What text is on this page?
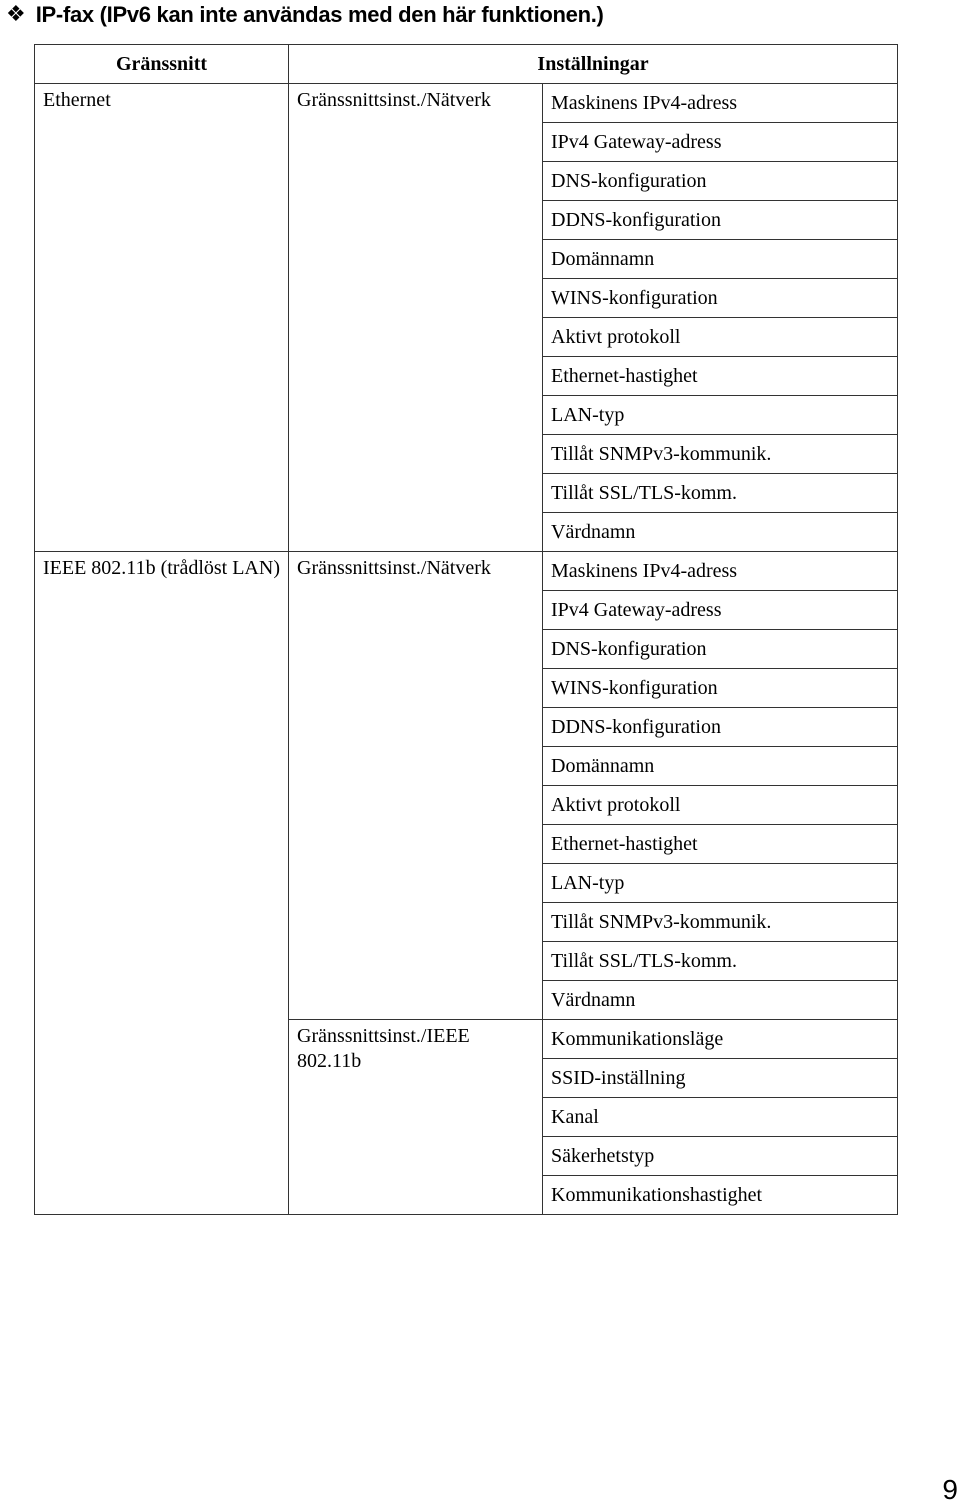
❖ IP-fax (IPv6 kan inte användas med den här funktionen.)
Gränssnitt	Inställningar	
Ethernet	Gränssnittsinst./Nätverk	Maskinens IPv4-adress
		IPv4 Gateway-adress
		DNS-konfiguration
		DDNS-konfiguration
		Domännamn
		WINS-konfiguration
		Aktivt protokoll
		Ethernet-hastighet
		LAN-typ
		Tillåt SNMPv3-kommunik.
		Tillåt SSL/TLS-komm.
		Värdnamn
IEEE 802.11b (trådlöst LAN)	Gränssnittsinst./Nätverk	Maskinens IPv4-adress
		IPv4 Gateway-adress
		DNS-konfiguration
		WINS-konfiguration
		DDNS-konfiguration
		Domännamn
		Aktivt protokoll
		Ethernet-hastighet
		LAN-typ
		Tillåt SNMPv3-kommunik.
		Tillåt SSL/TLS-komm.
		Värdnamn
	Gränssnittsinst./IEEE 802.11b	Kommunikationsläge
		SSID-inställning
		Kanal
		Säkerhetstyp
		Kommunikationshastighet
9
